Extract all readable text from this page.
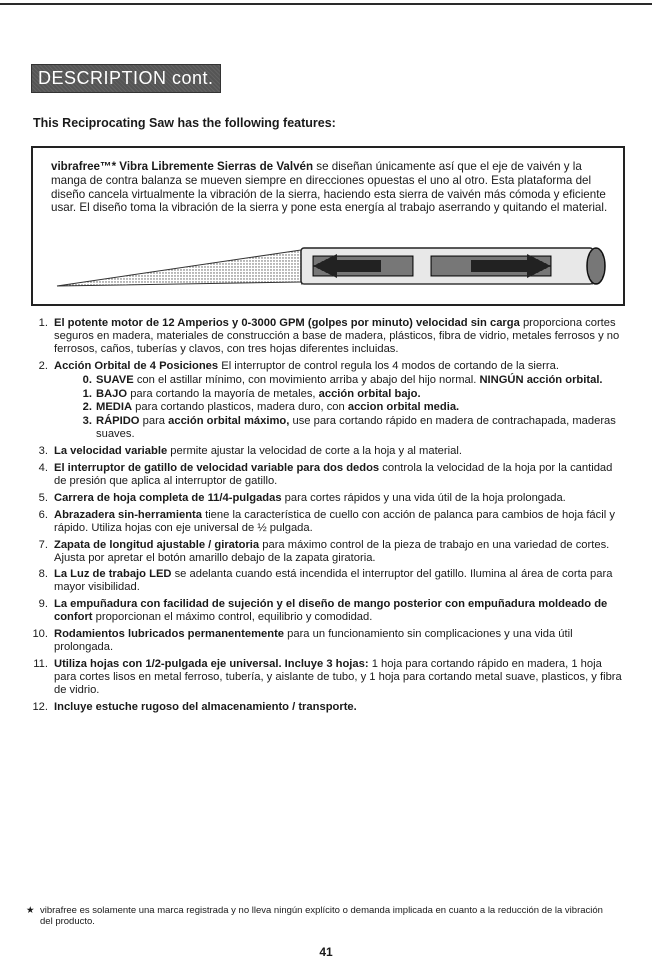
DESCRIPTION cont.
This Reciprocating Saw has the following features:
vibrafree™* Vibra Libremente Sierras de Valvén se diseñan únicamente así que el eje de vaivén y la manga de contra balanza se mueven siempre en direcciones opuestas el uno al otro. Esta plataforma del diseño cancela virtualmente la vibración de la sierra, haciendo esta sierra de vaivén más cómoda y eficiente usar. El diseño toma la vibración de la sierra y pone esta energía al trabajo aserrando y quitando el material.
1. El potente motor de 12 Amperios y 0-3000 GPM (golpes por minuto) velocidad sin carga proporciona cortes seguros en madera, materiales de construcción a base de madera, plásticos, fibra de vidrio, metales ferrosos y no ferrosos, caños, tuberías y clavos, con tres hojas diferentes incluidas.
2. Acción Orbital de 4 Posiciones El interruptor de control regula los 4 modos de cortando de la sierra.
0. SUAVE con el astillar mínimo, con movimiento arriba y abajo del hijo normal. NINGÚN acción orbital.
1. BAJO para cortando la mayoría de metales, acción orbital bajo.
2. MEDIA para cortando plasticos, madera duro, con accion orbital media.
3. RÁPIDO para acción orbital máximo, use para cortando rápido en madera de contrachapada, maderas suaves.
3. La velocidad variable permite ajustar la velocidad de corte a la hoja y al material.
4. El interruptor de gatillo de velocidad variable para dos dedos controla la velocidad de la hoja por la cantidad de presión que aplica al interruptor de gatillo.
5. Carrera de hoja completa de 11/4-pulgadas para cortes rápidos y una vida útil de la hoja prolongada.
6. Abrazadera sin-herramienta tiene la característica de cuello con acción de palanca para cambios de hoja fácil y rápido. Utiliza hojas con eje universal de ½ pulgada.
7. Zapata de longitud ajustable / giratoria para máximo control de la pieza de trabajo en una variedad de cortes. Ajusta por apretar el botón amarillo debajo de la zapata giratoria.
8. La Luz de trabajo LED se adelanta cuando está incendida el interruptor del gatillo. Ilumina al área de corta para mayor visibilidad.
9. La empuñadura con facilidad de sujeción y el diseño de mango posterior con empuñadura moldeado de confort proporcionan el máximo control, equilibrio y comodidad.
10. Rodamientos lubricados permanentemente para un funcionamiento sin complicaciones y una vida útil prolongada.
11. Utiliza hojas con 1/2-pulgada eje universal. Incluye 3 hojas: 1 hoja para cortando rápido en madera, 1 hoja para cortes lisos en metal ferroso, tubería, y aislante de tubo, y 1 hoja para cortando metal suave, plasticos, y fibra de vidrio.
12. Incluye estuche rugoso del almacenamiento / transporte.
★ vibrafree es solamente una marca registrada y no lleva ningún explícito o demanda implicada en cuanto a la reducción de la vibración del producto.
41
